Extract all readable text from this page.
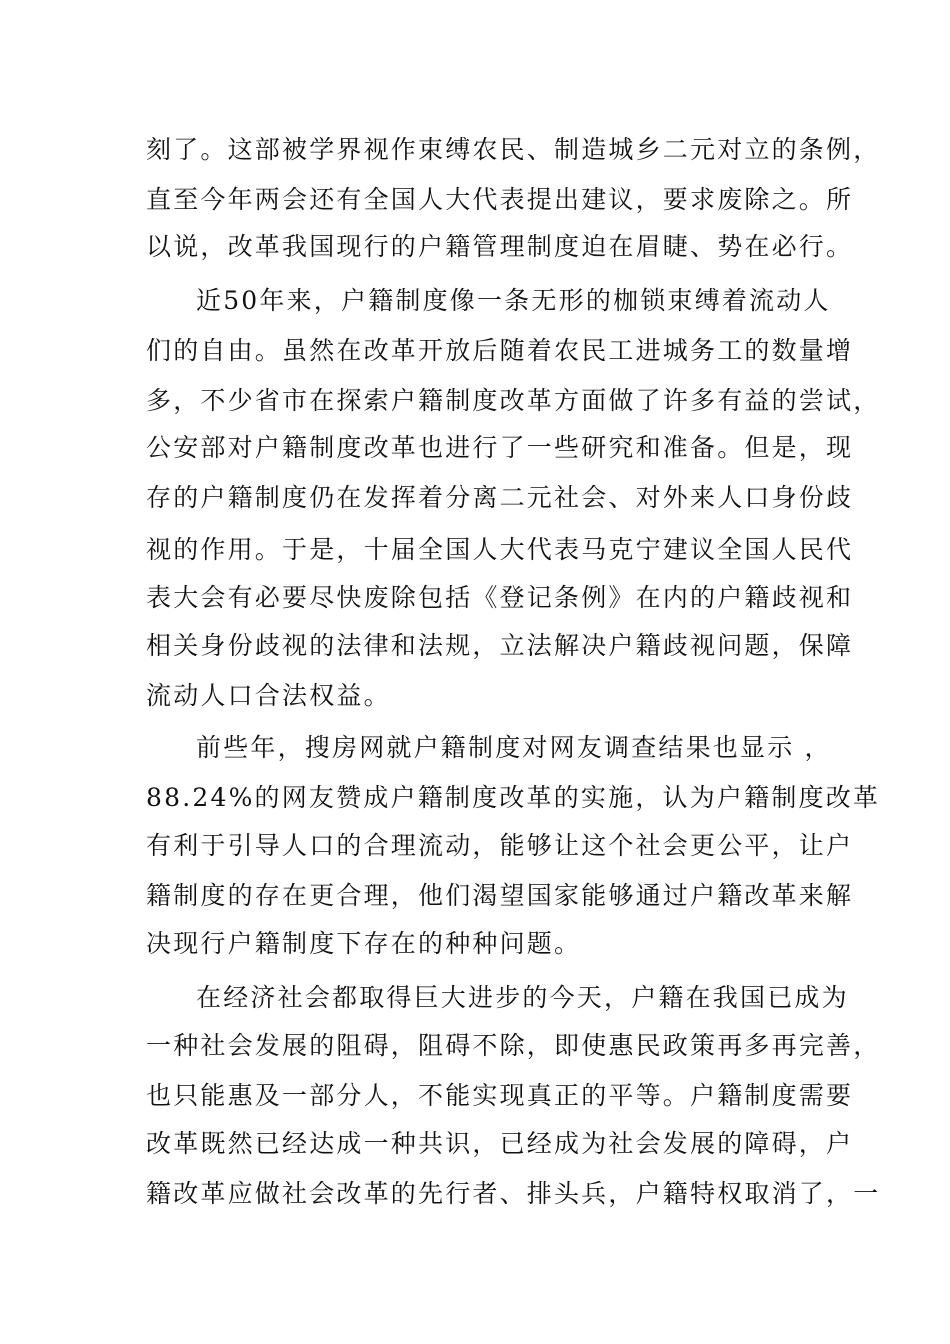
刻了。这部被学界视作束缚农民、制造城乡二元对立的条例，
直至今年两会还有全国人大代表提出建议，要求废除之。所
以说，改革我国现行的户籍管理制度迫在眉睫、势在必行。
近50年来，户籍制度像一条无形的枷锁束缚着流动人
们的自由。虽然在改革开放后随着农民工进城务工的数量增
多，不少省市在探索户籍制度改革方面做了许多有益的尝试，
公安部对户籍制度改革也进行了一些研究和准备。但是，现
存的户籍制度仍在发挥着分离二元社会、对外来人口身份歧
视的作用。于是，十届全国人大代表马克宁建议全国人民代
表大会有必要尽快废除包括《登记条例》在内的户籍歧视和
相关身份歧视的法律和法规，立法解决户籍歧视问题，保障
流动人口合法权益。
前些年，搜房网就户籍制度对网友调查结果也显示 ，
88.24%的网友赞成户籍制度改革的实施，认为户籍制度改革
有利于引导人口的合理流动，能够让这个社会更公平，让户
籍制度的存在更合理，他们渴望国家能够通过户籍改革来解
决现行户籍制度下存在的种种问题。
在经济社会都取得巨大进步的今天，户籍在我国已成为
一种社会发展的阻碍，阻碍不除，即使惠民政策再多再完善，
也只能惠及一部分人，不能实现真正的平等。户籍制度需要
改革既然已经达成一种共识，已经成为社会发展的障碍，户
籍改革应做社会改革的先行者、排头兵，户籍特权取消了，一
